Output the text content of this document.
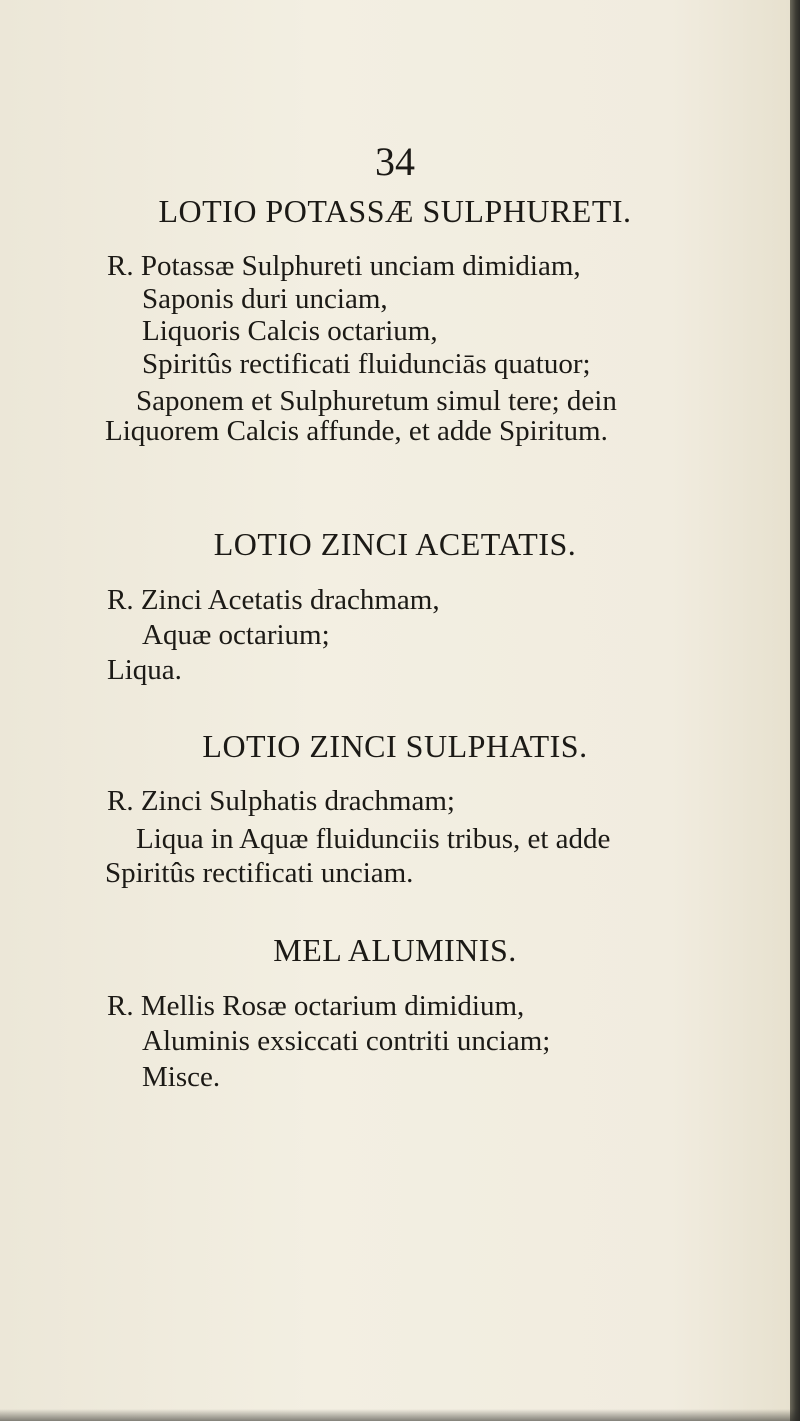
34
LOTIO POTASSÆ SULPHURETI.
R. Potassæ Sulphureti unciam dimidiam,
Saponis duri unciam,
Liquoris Calcis octarium,
Spiritûs rectificati fluidunciās quatuor;
Saponem et Sulphuretum simul tere; dein
Liquorem Calcis affunde, et adde Spiritum.
LOTIO ZINCI ACETATIS.
R. Zinci Acetatis drachmam,
Aquæ octarium;
Liqua.
LOTIO ZINCI SULPHATIS.
R. Zinci Sulphatis drachmam;
Liqua in Aquæ fluidunciis tribus, et adde
Spiritûs rectificati unciam.
MEL ALUMINIS.
R. Mellis Rosæ octarium dimidium,
Aluminis exsiccati contriti unciam;
Misce.
